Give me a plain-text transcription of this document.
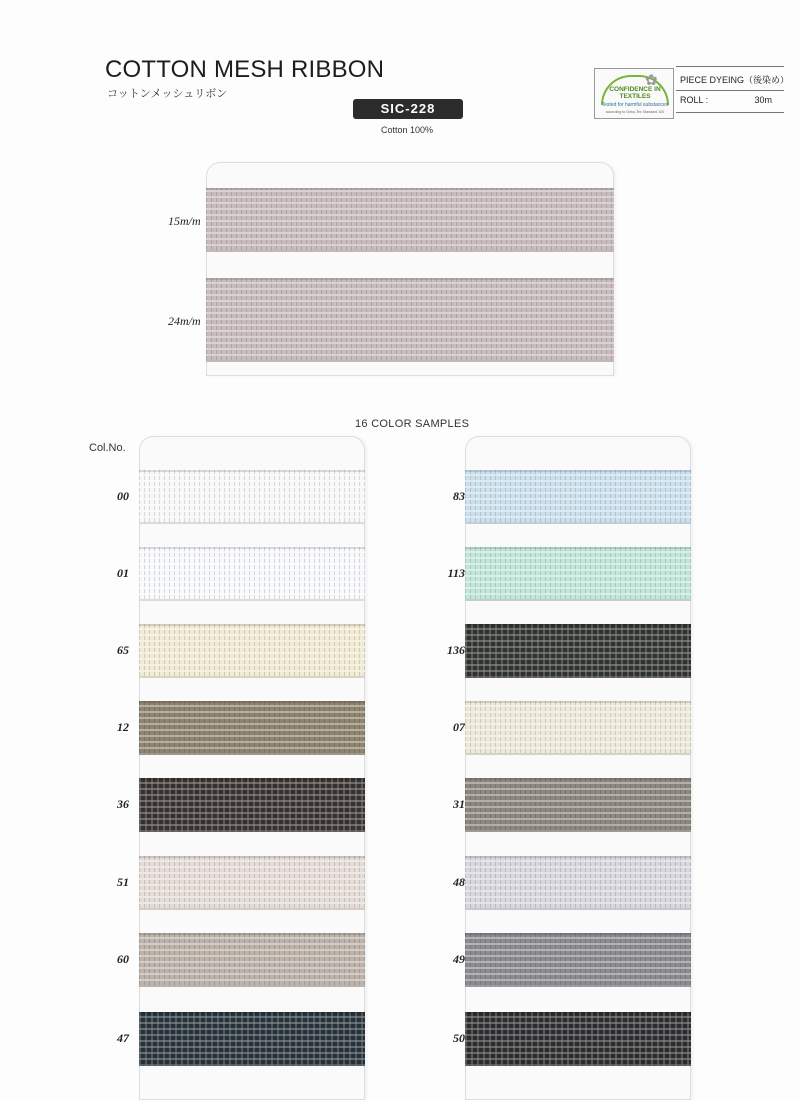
COTTON MESH RIBBON
コットンメッシュリボン
SIC-228
Cotton 100%
✿
CONFIDENCE IN TEXTILES
Tested for harmful substances
according to Oeko-Tex Standard 100
PIECE DYEING（後染め）
ROLL :	30m
15m/m
24m/m
16 COLOR SAMPLES
Col.No.
00
01
65
12
36
51
60
47
83
113
136
07
31
48
49
50
